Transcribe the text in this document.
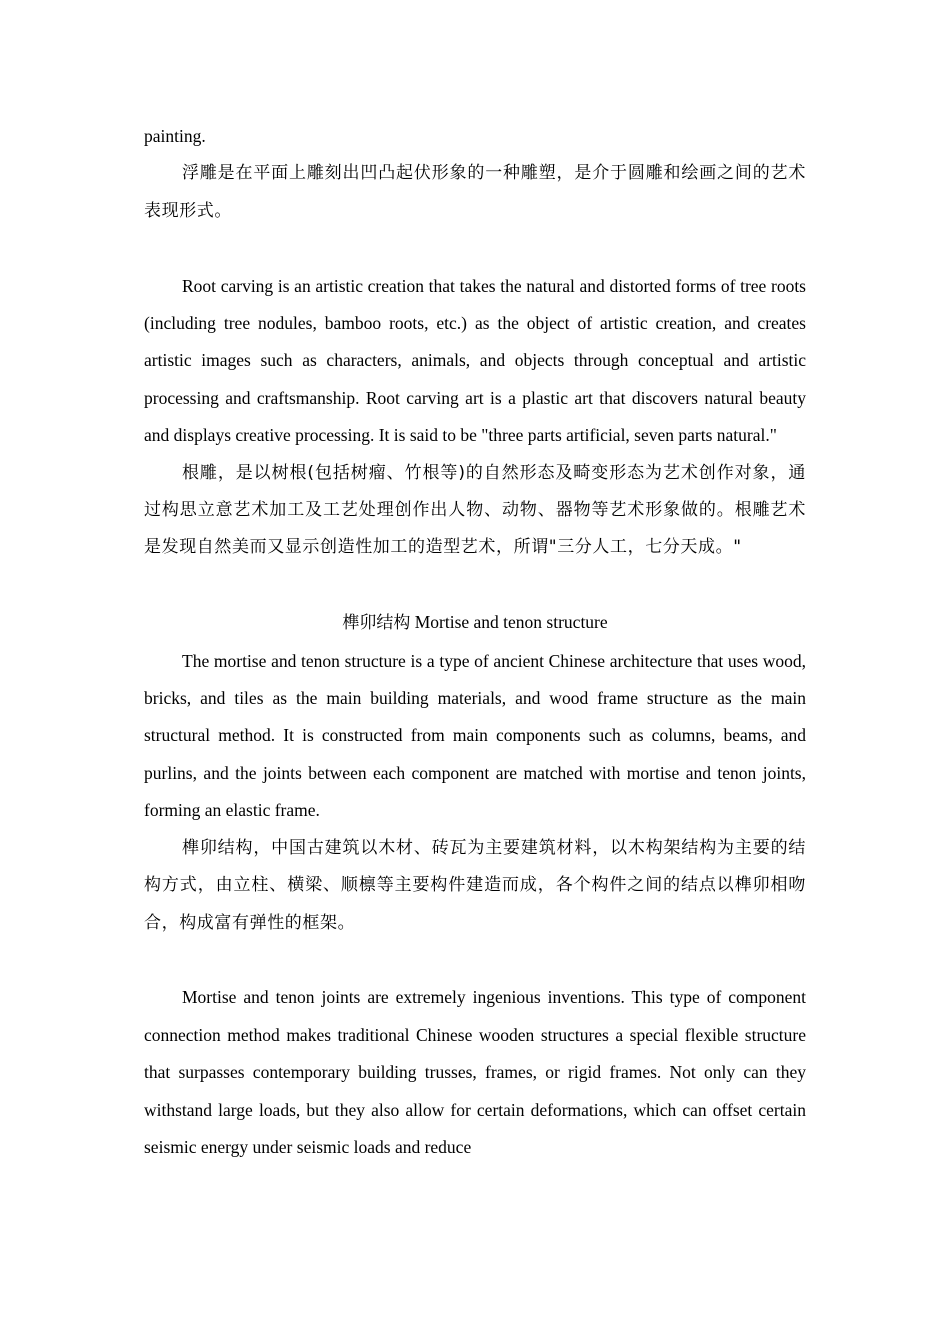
painting.

浮雕是在平面上雕刻出凹凸起伏形象的一种雕塑，是介于圆雕和绘画之间的艺术表现形式。

Root carving is an artistic creation that takes the natural and distorted forms of tree roots (including tree nodules, bamboo roots, etc.) as the object of artistic creation, and creates artistic images such as characters, animals, and objects through conceptual and artistic processing and craftsmanship. Root carving art is a plastic art that discovers natural beauty and displays creative processing. It is said to be "three parts artificial, seven parts natural."

根雕，是以树根(包括树瘤、竹根等)的自然形态及畸变形态为艺术创作对象，通过构思立意艺术加工及工艺处理创作出人物、动物、器物等艺术形象做的。根雕艺术是发现自然美而又显示创造性加工的造型艺术，所谓"三分人工，七分天成。"

榫卯结构 Mortise and tenon structure

The mortise and tenon structure is a type of ancient Chinese architecture that uses wood, bricks, and tiles as the main building materials, and wood frame structure as the main structural method. It is constructed from main components such as columns, beams, and purlins, and the joints between each component are matched with mortise and tenon joints, forming an elastic frame.

榫卯结构，中国古建筑以木材、砖瓦为主要建筑材料，以木构架结构为主要的结构方式，由立柱、横梁、顺檩等主要构件建造而成，各个构件之间的结点以榫卯相吻合，构成富有弹性的框架。

Mortise and tenon joints are extremely ingenious inventions. This type of component connection method makes traditional Chinese wooden structures a special flexible structure that surpasses contemporary building trusses, frames, or rigid frames. Not only can they withstand large loads, but they also allow for certain deformations, which can offset certain seismic energy under seismic loads and reduce
